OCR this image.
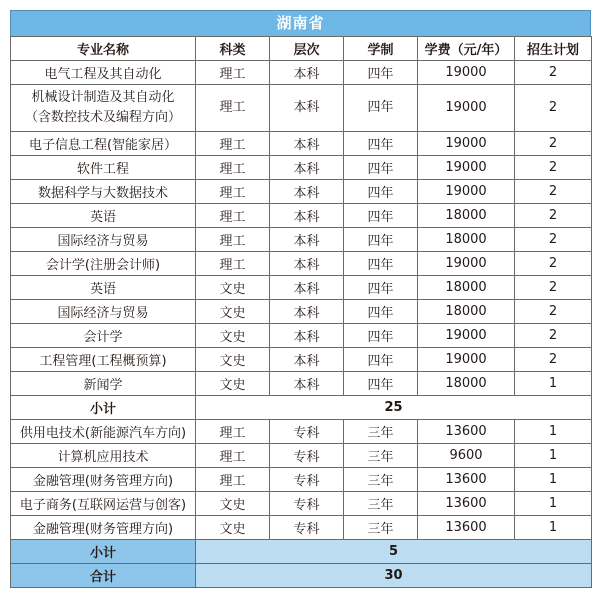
湖南省
专业名称	科类	层次	学制	学费（元/年）	招生计划

电气工程及其自动化	理工	本科	四年	19000	2

机械设计制造及其自动化
（含数控技术及编程方向）	理工	本科	四年	19000	2

电子信息工程(智能家居）	理工	本科	四年	19000	2

软件工程	理工	本科	四年	19000	2

数据科学与大数据技术	理工	本科	四年	19000	2

英语	理工	本科	四年	18000	2

国际经济与贸易	理工	本科	四年	18000	2

会计学(注册会计师)	理工	本科	四年	19000	2

英语	文史	本科	四年	18000	2

国际经济与贸易	文史	本科	四年	18000	2

会计学	文史	本科	四年	19000	2

工程管理(工程概预算)	文史	本科	四年	19000	2

新闻学	文史	本科	四年	18000	1
小计	25				

供用电技术(新能源汽车方向)	理工	专科	三年	13600	1

计算机应用技术	理工	专科	三年	9600	1

金融管理(财务管理方向)	理工	专科	三年	13600	1

电子商务(互联网运营与创客)	文史	专科	三年	13600	1

金融管理(财务管理方向)	文史	专科	三年	13600	1
小计	5				
合计	30				
